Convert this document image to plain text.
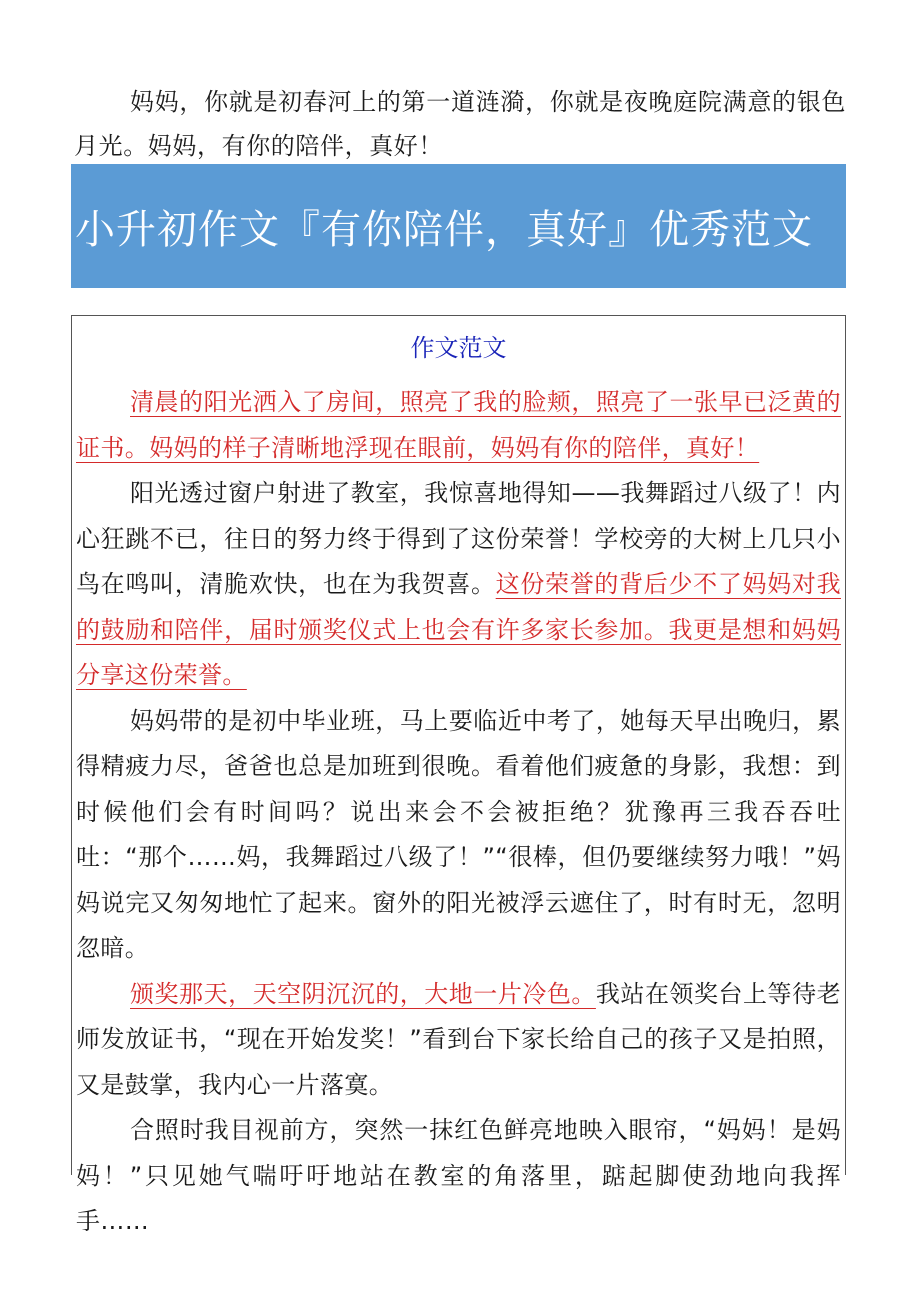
妈妈，你就是初春河上的第一道涟漪，你就是夜晚庭院满意的银色月光。妈妈，有你的陪伴，真好！

小升初作文『有你陪伴，真好』优秀范文
作文范文

清晨的阳光洒入了房间，照亮了我的脸颊，照亮了一张早已泛黄的证书。妈妈的样子清晰地浮现在眼前，妈妈有你的陪伴，真好！

阳光透过窗户射进了教室，我惊喜地得知——我舞蹈过八级了！内心狂跳不已，往日的努力终于得到了这份荣誉！学校旁的大树上几只小鸟在鸣叫，清脆欢快，也在为我贺喜。这份荣誉的背后少不了妈妈对我的鼓励和陪伴，届时颁奖仪式上也会有许多家长参加。我更是想和妈妈分享这份荣誉。

妈妈带的是初中毕业班，马上要临近中考了，她每天早出晚归，累得精疲力尽，爸爸也总是加班到很晚。看着他们疲惫的身影，我想：到时候他们会有时间吗？说出来会不会被拒绝？犹豫再三我吞吞吐吐：“那个……妈，我舞蹈过八级了！”“很棒，但仍要继续努力哦！”妈妈说完又匆匆地忙了起来。窗外的阳光被浮云遮住了，时有时无，忽明忽暗。

颁奖那天，天空阴沉沉的，大地一片冷色。我站在领奖台上等待老师发放证书，“现在开始发奖！”看到台下家长给自己的孩子又是拍照，又是鼓掌，我内心一片落寞。

合照时我目视前方，突然一抹红色鲜亮地映入眼帘，“妈妈！是妈妈！”只见她气喘吁吁地站在教室的角落里，踮起脚使劲地向我挥手……
